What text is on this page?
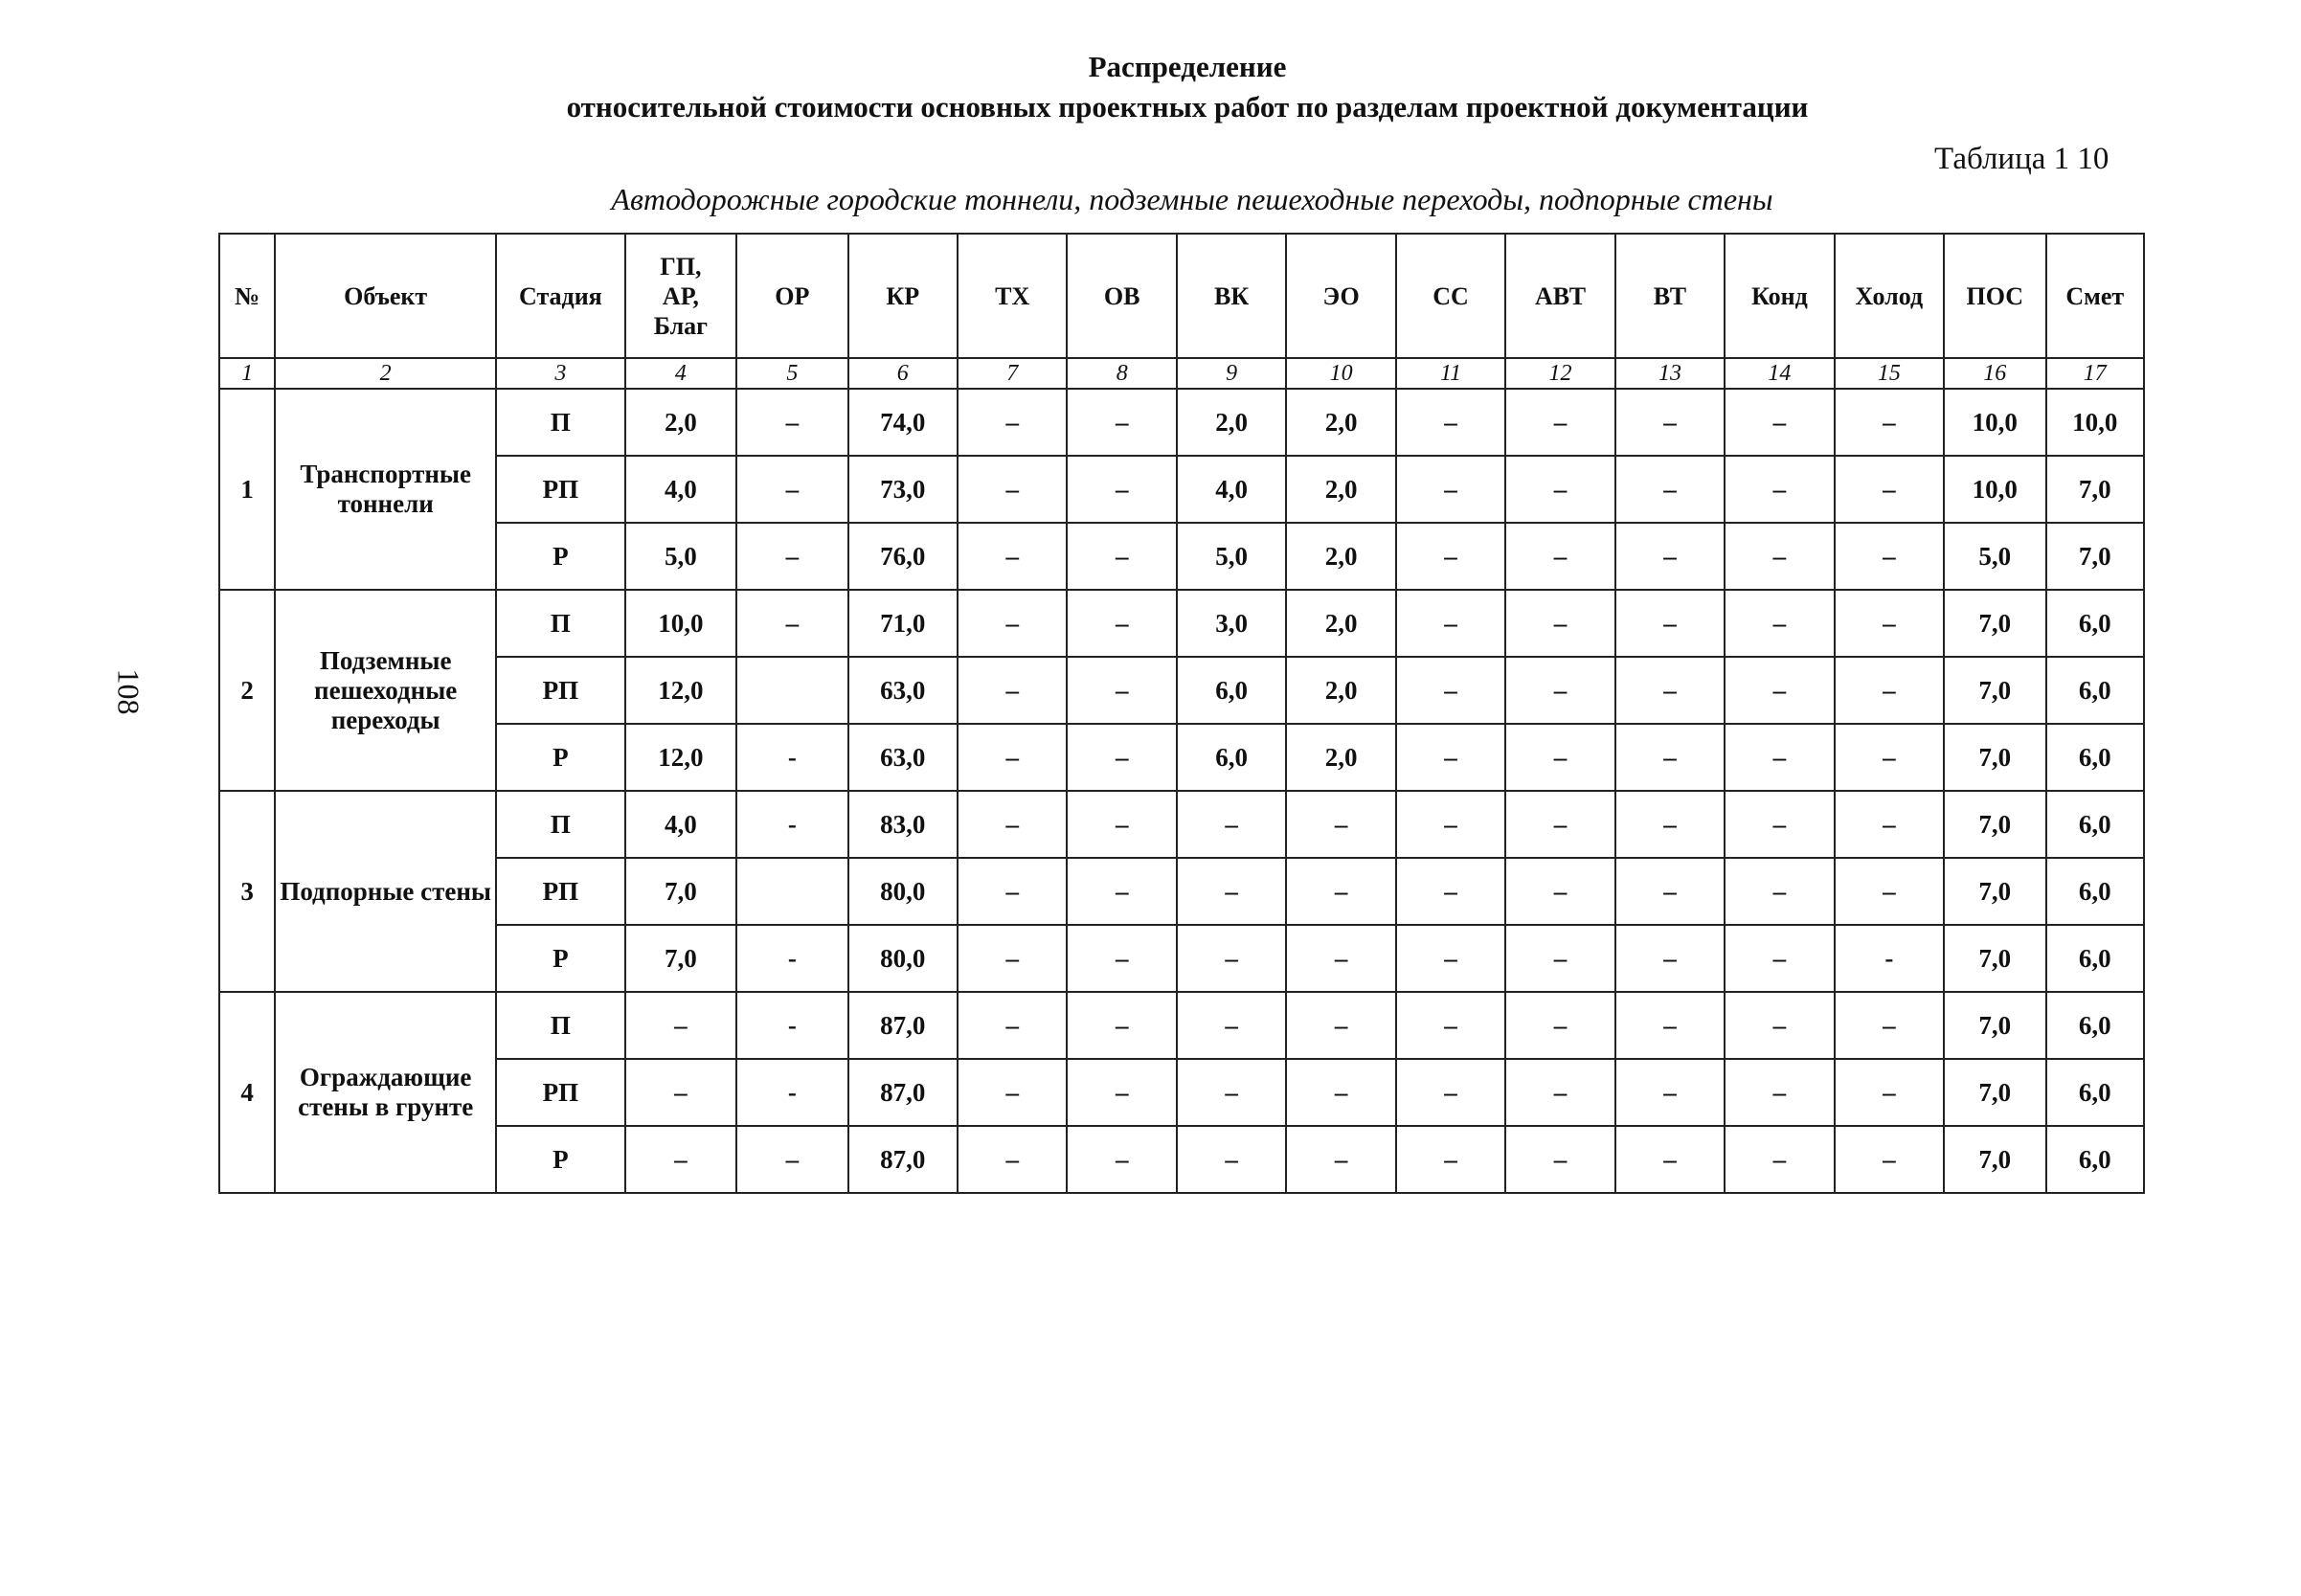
Распределение
относительной стоимости основных проектных работ по разделам проектной документации
Таблица 1 10
Автодорожные городские тоннели, подземные пешеходные переходы, подпорные стены
108
№	Объект	Стадия	ГП, АР, Благ	ОР	КР	ТХ	ОВ	ВК	ЭО	СС	АВТ	ВТ	Конд	Холод	ПОС	Смет
1	2	3	4	5	6	7	8	9	10	11	12	13	14	15	16	17
1	Транспортные тоннели	П	2,0	–	74,0	–	–	2,0	2,0	–	–	–	–	–	10,0	10,0
		РП	4,0	–	73,0	–	–	4,0	2,0	–	–	–	–	–	10,0	7,0
		Р	5,0	–	76,0	–	–	5,0	2,0	–	–	–	–	–	5,0	7,0
2	Подземные пешеходные переходы	П	10,0	–	71,0	–	–	3,0	2,0	–	–	–	–	–	7,0	6,0
		РП	12,0		63,0	–	–	6,0	2,0	–	–	–	–	–	7,0	6,0
		Р	12,0	-	63,0	–	–	6,0	2,0	–	–	–	–	–	7,0	6,0
3	Подпорные стены	П	4,0	-	83,0	–	–	–	–	–	–	–	–	–	7,0	6,0
		РП	7,0		80,0	–	–	–	–	–	–	–	–	–	7,0	6,0
		Р	7,0	-	80,0	–	–	–	–	–	–	–	–	-	7,0	6,0
4	Ограждающие стены в грунте	П	–	-	87,0	–	–	–	–	–	–	–	–	–	7,0	6,0
		РП	–	-	87,0	–	–	–	–	–	–	–	–	–	7,0	6,0
		Р	–	–	87,0	–	–	–	–	–	–	–	–	–	7,0	6,0
